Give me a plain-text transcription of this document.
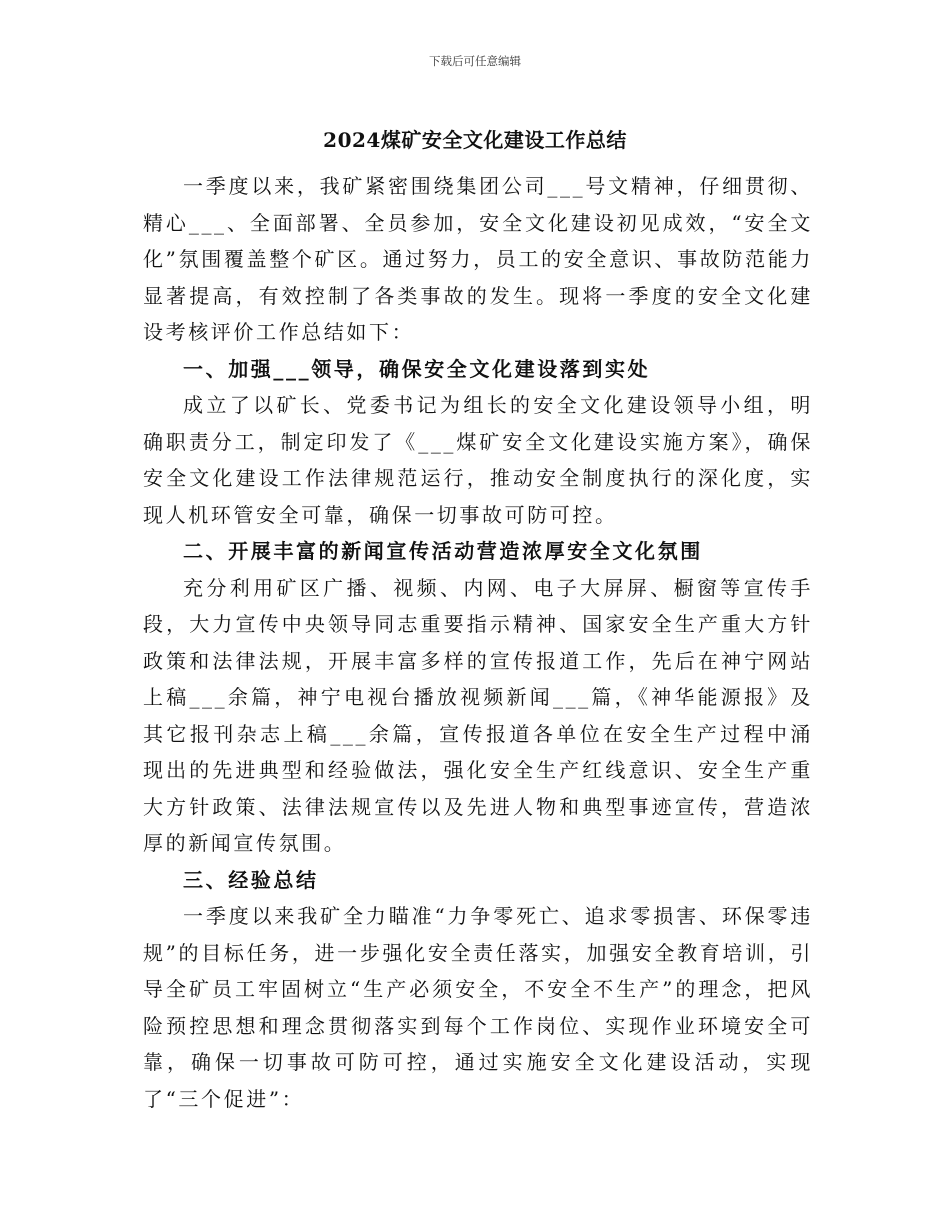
下载后可任意编辑
2024煤矿安全文化建设工作总结

一季度以来，我矿紧密围绕集团公司___号文精神，仔细贯彻、精心___、全面部署、全员参加，安全文化建设初见成效，“安全文化”氛围覆盖整个矿区。通过努力，员工的安全意识、事故防范能力显著提高，有效控制了各类事故的发生。现将一季度的安全文化建设考核评价工作总结如下：

一、加强___领导，确保安全文化建设落到实处

成立了以矿长、党委书记为组长的安全文化建设领导小组，明确职责分工，制定印发了《___煤矿安全文化建设实施方案》，确保安全文化建设工作法律规范运行，推动安全制度执行的深化度，实现人机环管安全可靠，确保一切事故可防可控。

二、开展丰富的新闻宣传活动营造浓厚安全文化氛围

充分利用矿区广播、视频、内网、电子大屏屏、橱窗等宣传手段，大力宣传中央领导同志重要指示精神、国家安全生产重大方针政策和法律法规，开展丰富多样的宣传报道工作，先后在神宁网站上稿___余篇，神宁电视台播放视频新闻___篇，《神华能源报》及其它报刊杂志上稿___余篇，宣传报道各单位在安全生产过程中涌现出的先进典型和经验做法，强化安全生产红线意识、安全生产重大方针政策、法律法规宣传以及先进人物和典型事迹宣传，营造浓厚的新闻宣传氛围。

三、经验总结

一季度以来我矿全力瞄准“力争零死亡、追求零损害、环保零违规”的目标任务，进一步强化安全责任落实，加强安全教育培训，引导全矿员工牢固树立“生产必须安全，不安全不生产”的理念，把风险预控思想和理念贯彻落实到每个工作岗位、实现作业环境安全可靠，确保一切事故可防可控，通过实施安全文化建设活动，实现了“三个促进”：
